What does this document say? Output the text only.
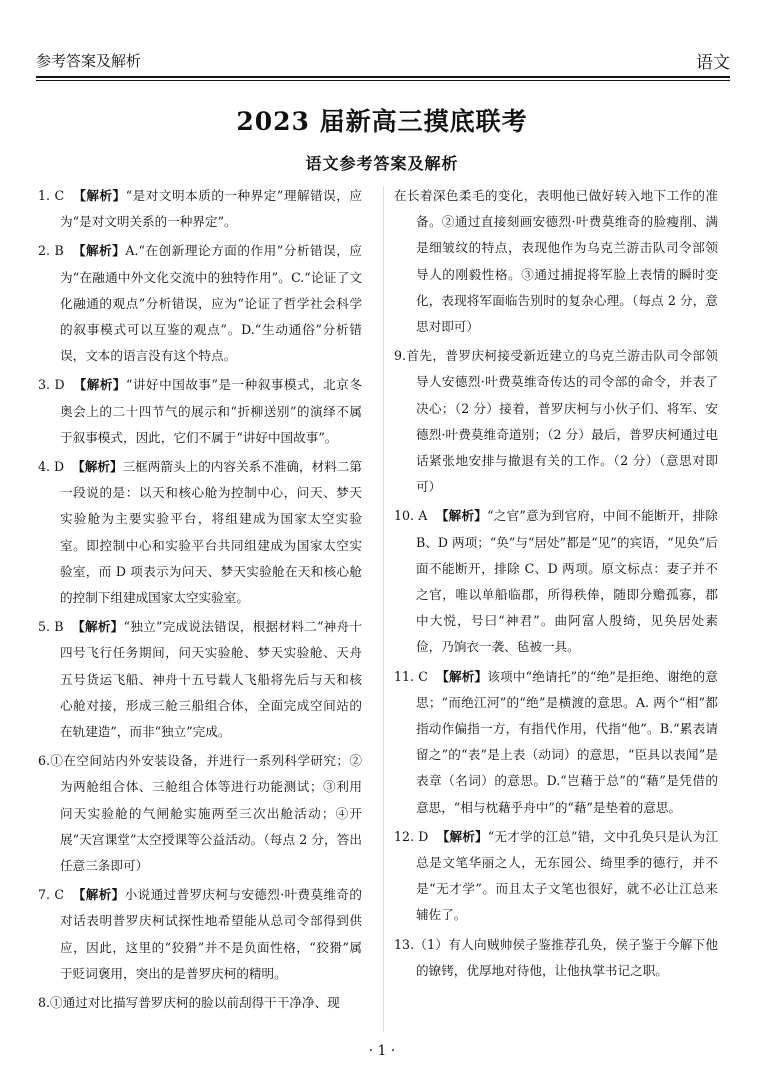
参考答案及解析	语文
2023 届新高三摸底联考
语文参考答案及解析

1. C 【解析】“是对文明本质的一种界定”理解错误，应为“是对文明关系的一种界定”。

2. B 【解析】A.“在创新理论方面的作用”分析错误，应为“在融通中外文化交流中的独特作用”。C.“论证了文化融通的观点”分析错误，应为“论证了哲学社会科学的叙事模式可以互鉴的观点”。D.“生动通俗”分析错误，文本的语言没有这个特点。

3. D 【解析】“讲好中国故事”是一种叙事模式，北京冬奥会上的二十四节气的展示和“折柳送别”的演绎不属于叙事模式，因此，它们不属于“讲好中国故事”。

4. D 【解析】三框两箭头上的内容关系不准确，材料二第一段说的是：以天和核心舱为控制中心，问天、梦天实验舱为主要实验平台，将组建成为国家太空实验室。即控制中心和实验平台共同组建成为国家太空实验室，而 D 项表示为问天、梦天实验舱在天和核心舱的控制下组建成国家太空实验室。

5. B 【解析】“独立”完成说法错误，根据材料二“神舟十四号飞行任务期间，问天实验舱、梦天实验舱、天舟五号货运飞船、神舟十五号载人飞船将先后与天和核心舱对接，形成三舱三船组合体，全面完成空间站的在轨建造”，而非“独立”完成。

6.①在空间站内外安装设备，并进行一系列科学研究；②为两舱组合体、三舱组合体等进行功能测试；③利用问天实验舱的气闸舱实施两至三次出舱活动；④开展“天宫课堂”太空授课等公益活动。（每点 2 分，答出任意三条即可）

7. C 【解析】小说通过普罗庆柯与安德烈·叶费莫维奇的对话表明普罗庆柯试探性地希望能从总司令部得到供应，因此，这里的“狡猾”并不是负面性格，“狡猾”属于贬词褒用，突出的是普罗庆柯的精明。

8.①通过对比描写普罗庆柯的脸以前刮得干干净净、现

在长着深色柔毛的变化，表明他已做好转入地下工作的准备。②通过直接刻画安德烈·叶费莫维奇的脸瘦削、满是细皱纹的特点，表现他作为乌克兰游击队司令部领导人的刚毅性格。③通过捕捉将军脸上表情的瞬时变化，表现将军面临告别时的复杂心理。（每点 2 分，意思对即可）

9.首先，普罗庆柯接受新近建立的乌克兰游击队司令部领导人安德烈·叶费莫维奇传达的司令部的命令，并表了决心；（2 分）接着，普罗庆柯与小伙子们、将军、安德烈·叶费莫维奇道别；（2 分）最后，普罗庆柯通过电话紧张地安排与撤退有关的工作。（2 分）（意思对即可）

10. A 【解析】“之官”意为到官府，中间不能断开，排除 B、D 两项；“奂”与“居处”都是“见”的宾语，“见奂”后面不能断开，排除 C、D 两项。原文标点：妻子并不之官，唯以单船临郡，所得秩俸，随即分赡孤寡，郡中大悦，号曰“神君”。曲阿富人殷绮，见奂居处素俭，乃饷衣一袭、毡被一具。

11. C 【解析】该项中“绝请托”的“绝”是拒绝、谢绝的意思；“而绝江河”的“绝”是横渡的意思。A. 两个“相”都指动作偏指一方，有指代作用，代指“他”。B.“累表请留之”的“表”是上表（动词）的意思，“臣具以表闻”是表章（名词）的意思。D.“岂藉于总”的“藉”是凭借的意思，“相与枕藉乎舟中”的“藉”是垫着的意思。

12. D 【解析】“无才学的江总”错，文中孔奂只是认为江总是文笔华丽之人，无东园公、绮里季的德行，并不是“无才学”。而且太子文笔也很好，就不必让江总来辅佐了。

13.（1）有人向贼帅侯子鉴推荐孔奂，侯子鉴于今解下他的镣铐，优厚地对待他，让他执掌书记之职。

· 1 ·
